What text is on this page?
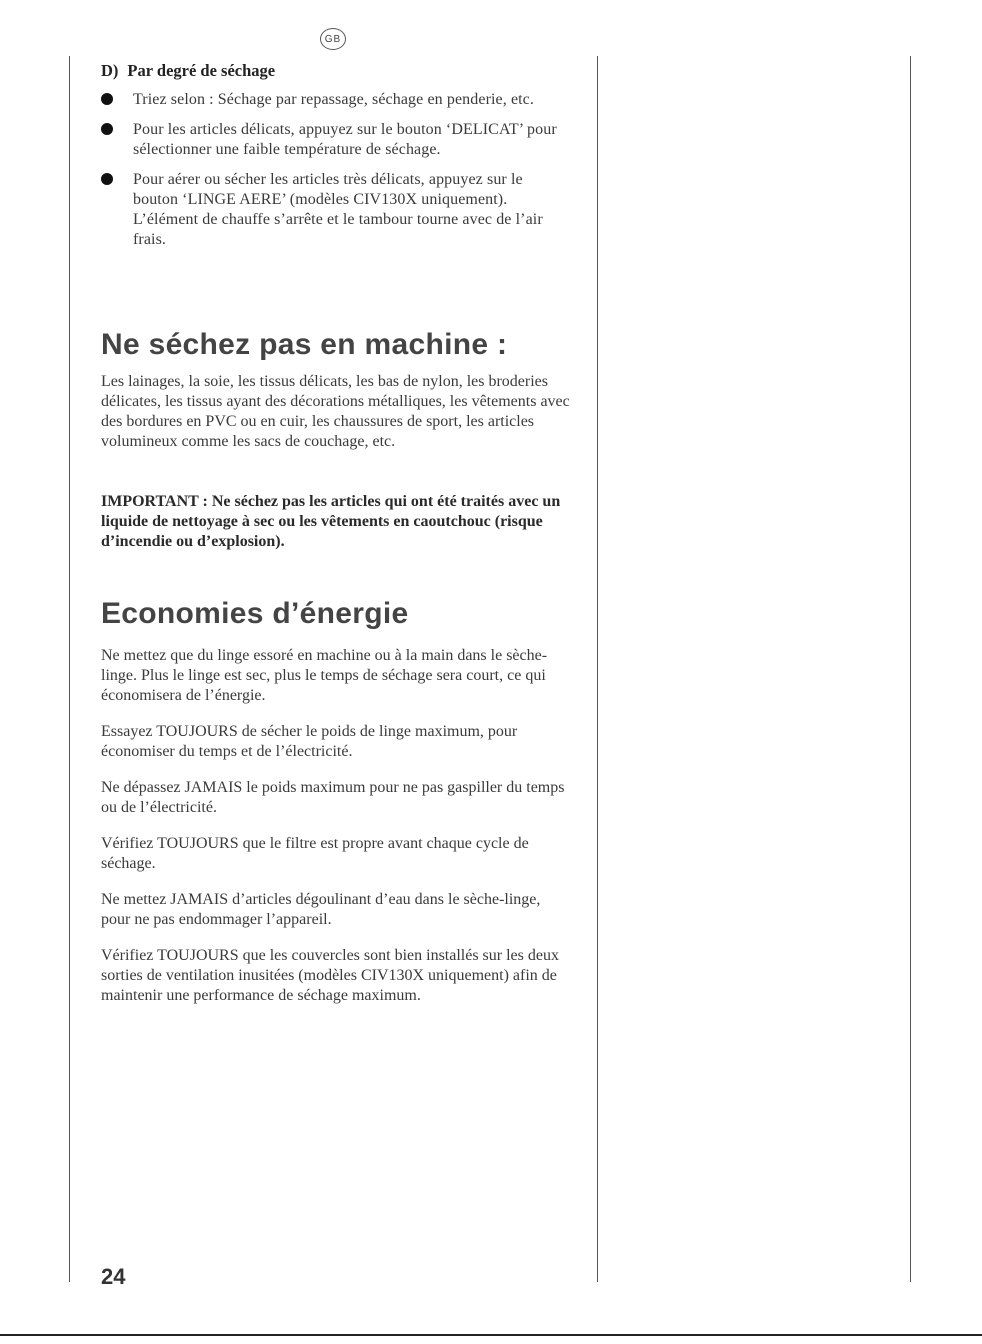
GB
D) Par degré de séchage
Triez selon : Séchage par repassage, séchage en penderie, etc.
Pour les articles délicats, appuyez sur le bouton ‘DELICAT’ pour sélectionner une faible température de séchage.
Pour aérer ou sécher les articles très délicats, appuyez sur le bouton ‘LINGE AERE’ (modèles CIV130X uniquement). L’élément de chauffe s’arrête et le tambour tourne avec de l’air frais.
Ne séchez pas en machine :

Les lainages, la soie, les tissus délicats, les bas de nylon, les broderies délicates, les tissus ayant des décorations métalliques, les vêtements avec des bordures en PVC ou en cuir, les chaussures de sport, les articles volumineux comme les sacs de couchage, etc.

IMPORTANT : Ne séchez pas les articles qui ont été traités avec un liquide de nettoyage à sec ou les vêtements en caoutchouc (risque d’incendie ou d’explosion).

Economies d’énergie

Ne mettez que du linge essoré en machine ou à la main dans le sèche-linge. Plus le linge est sec, plus le temps de séchage sera court, ce qui économisera de l’énergie.

Essayez TOUJOURS de sécher le poids de linge maximum, pour économiser du temps et de l’électricité.

Ne dépassez JAMAIS le poids maximum pour ne pas gaspiller du temps ou de l’électricité.

Vérifiez TOUJOURS que le filtre est propre avant chaque cycle de séchage.

Ne mettez JAMAIS d’articles dégoulinant d’eau dans le sèche-linge, pour ne pas endommager l’appareil.

Vérifiez TOUJOURS que les couvercles sont bien installés sur les deux sorties de ventilation inusitées (modèles CIV130X uniquement) afin de maintenir une performance de séchage maximum.

24
